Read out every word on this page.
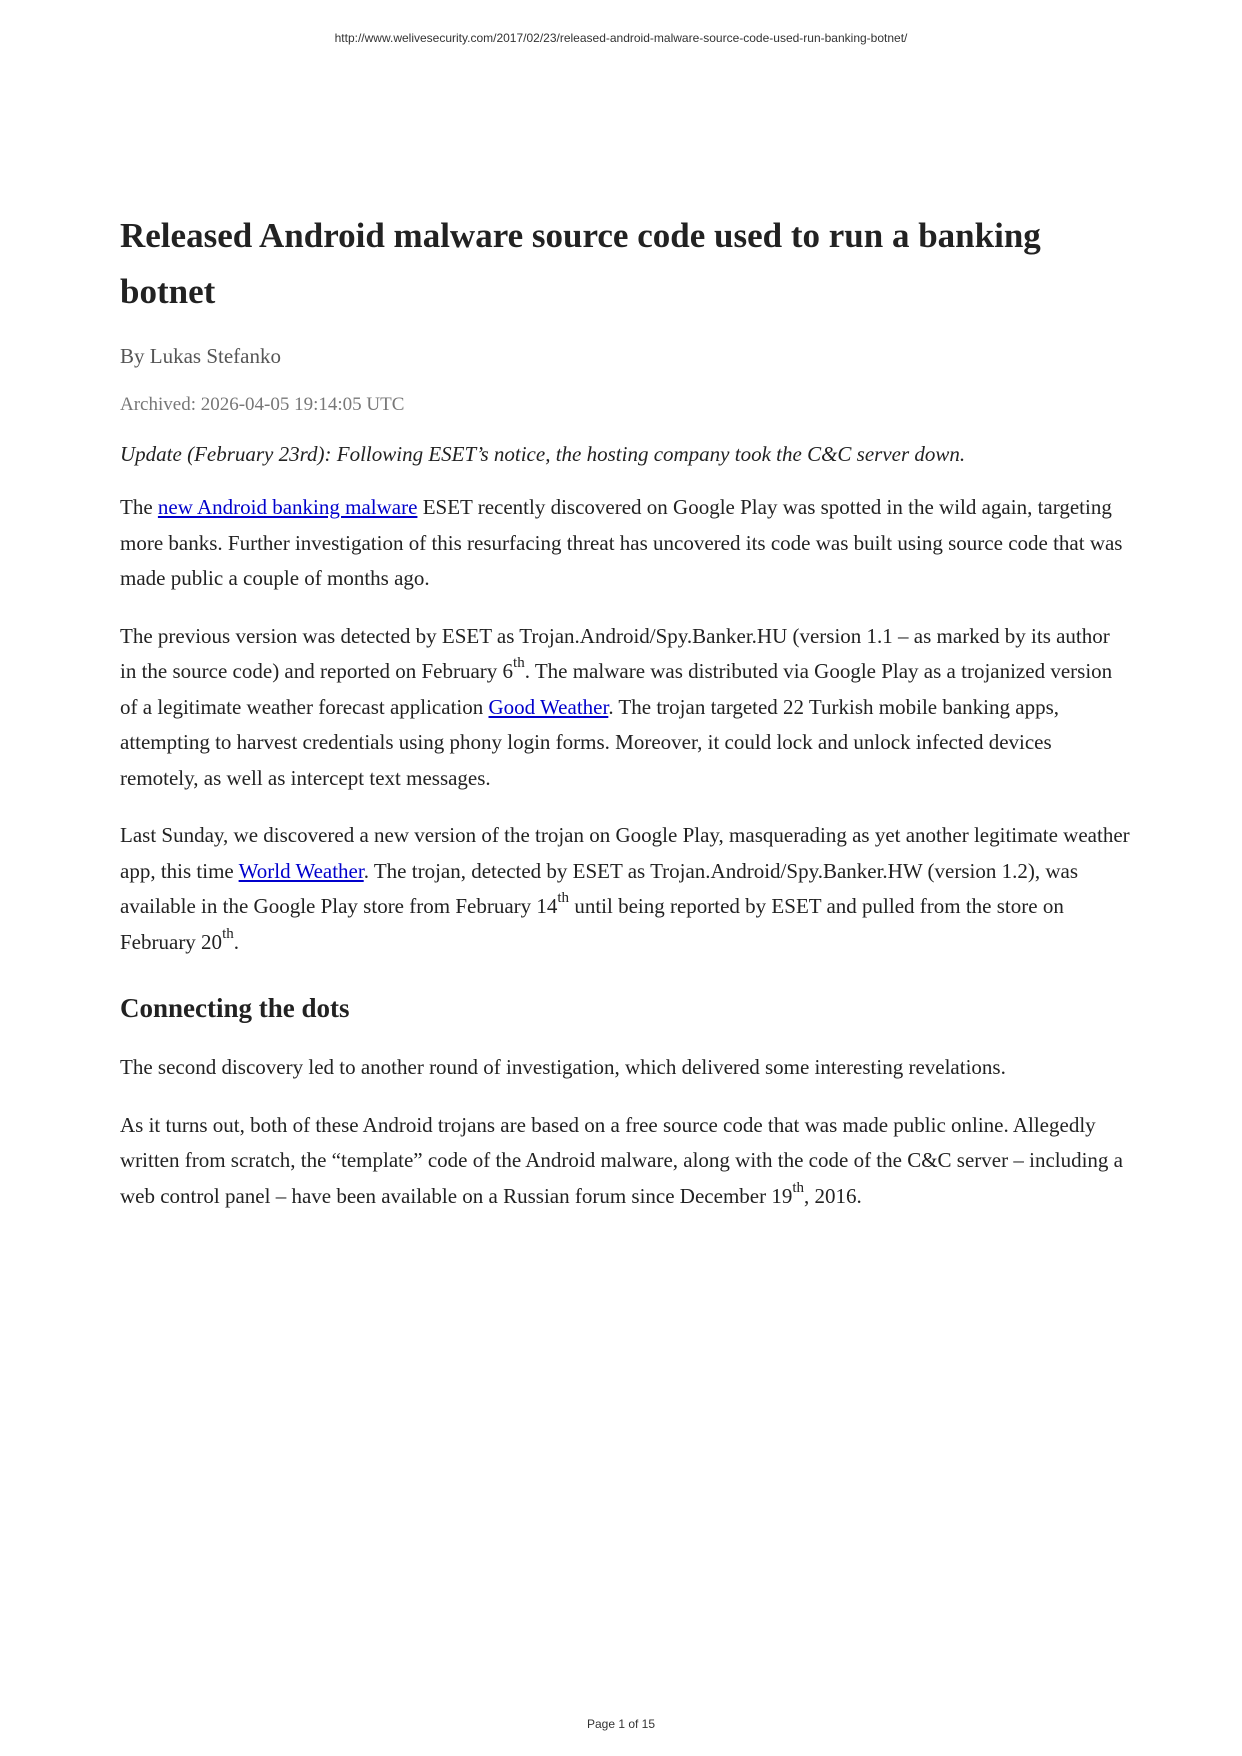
http://www.welivesecurity.com/2017/02/23/released-android-malware-source-code-used-run-banking-botnet/
Released Android malware source code used to run a banking botnet
By Lukas Stefanko
Archived: 2026-04-05 19:14:05 UTC
Update (February 23rd): Following ESET’s notice, the hosting company took the C&C server down.

The new Android banking malware ESET recently discovered on Google Play was spotted in the wild again, targeting more banks. Further investigation of this resurfacing threat has uncovered its code was built using source code that was made public a couple of months ago.

The previous version was detected by ESET as Trojan.Android/Spy.Banker.HU (version 1.1 – as marked by its author in the source code) and reported on February 6th. The malware was distributed via Google Play as a trojanized version of a legitimate weather forecast application Good Weather. The trojan targeted 22 Turkish mobile banking apps, attempting to harvest credentials using phony login forms. Moreover, it could lock and unlock infected devices remotely, as well as intercept text messages.

Last Sunday, we discovered a new version of the trojan on Google Play, masquerading as yet another legitimate weather app, this time World Weather. The trojan, detected by ESET as Trojan.Android/Spy.Banker.HW (version 1.2), was available in the Google Play store from February 14th until being reported by ESET and pulled from the store on February 20th.

Connecting the dots

The second discovery led to another round of investigation, which delivered some interesting revelations.

As it turns out, both of these Android trojans are based on a free source code that was made public online. Allegedly written from scratch, the “template” code of the Android malware, along with the code of the C&C server – including a web control panel – have been available on a Russian forum since December 19th, 2016.

Page 1 of 15
